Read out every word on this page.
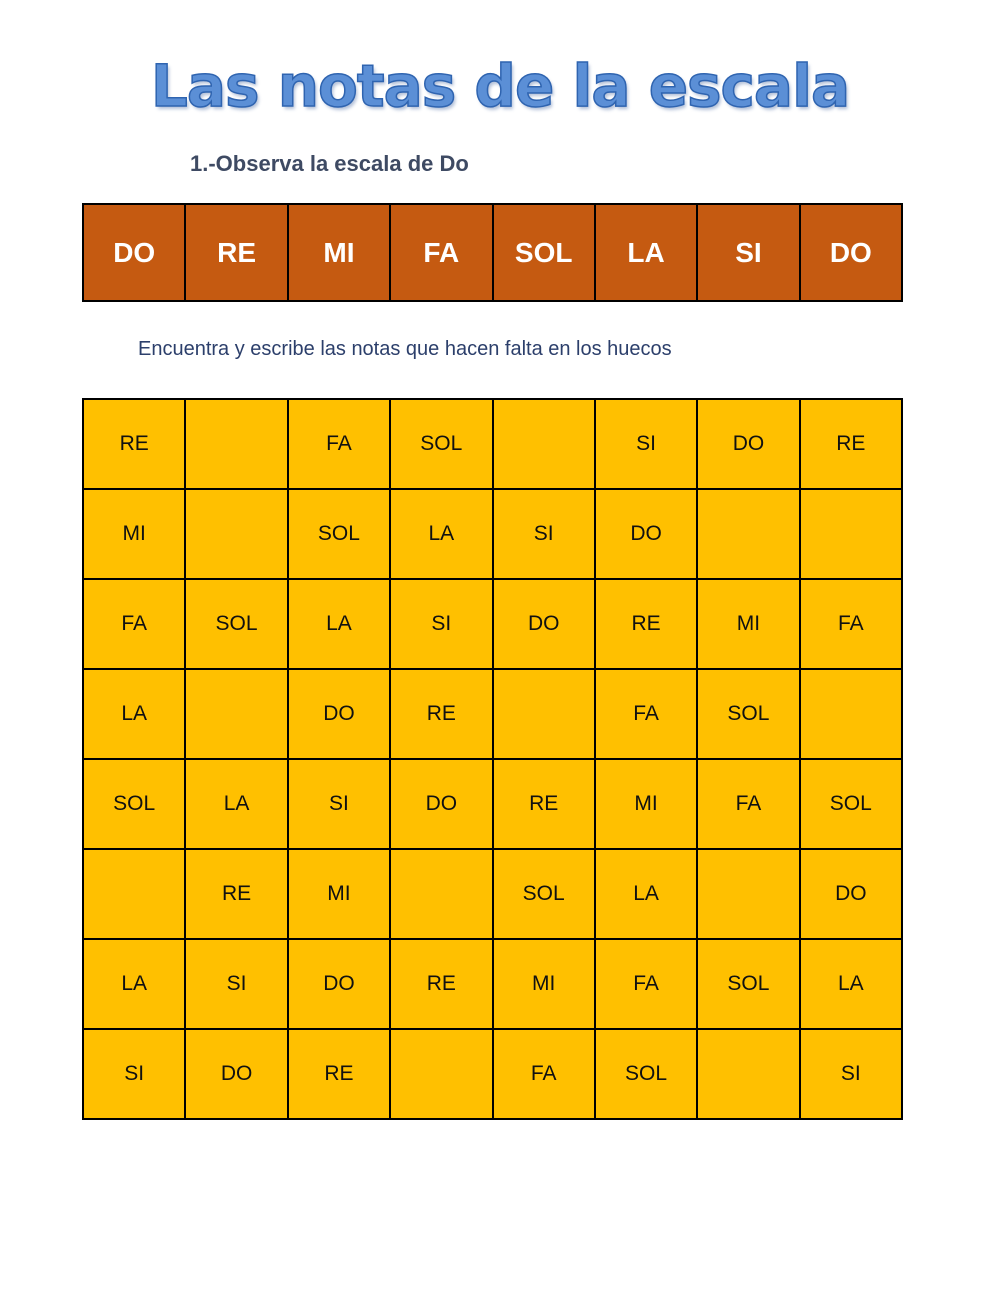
Las notas de la escala
1.-Observa la escala de Do
DO	RE	MI	FA	SOL	LA	SI	DO
Encuentra y escribe las notas que hacen falta en los huecos
RE		FA	SOL		SI	DO	RE
MI		SOL	LA	SI	DO		
FA	SOL	LA	SI	DO	RE	MI	FA
LA		DO	RE		FA	SOL	
SOL	LA	SI	DO	RE	MI	FA	SOL
	RE	MI		SOL	LA		DO
LA	SI	DO	RE	MI	FA	SOL	LA
SI	DO	RE		FA	SOL		SI
